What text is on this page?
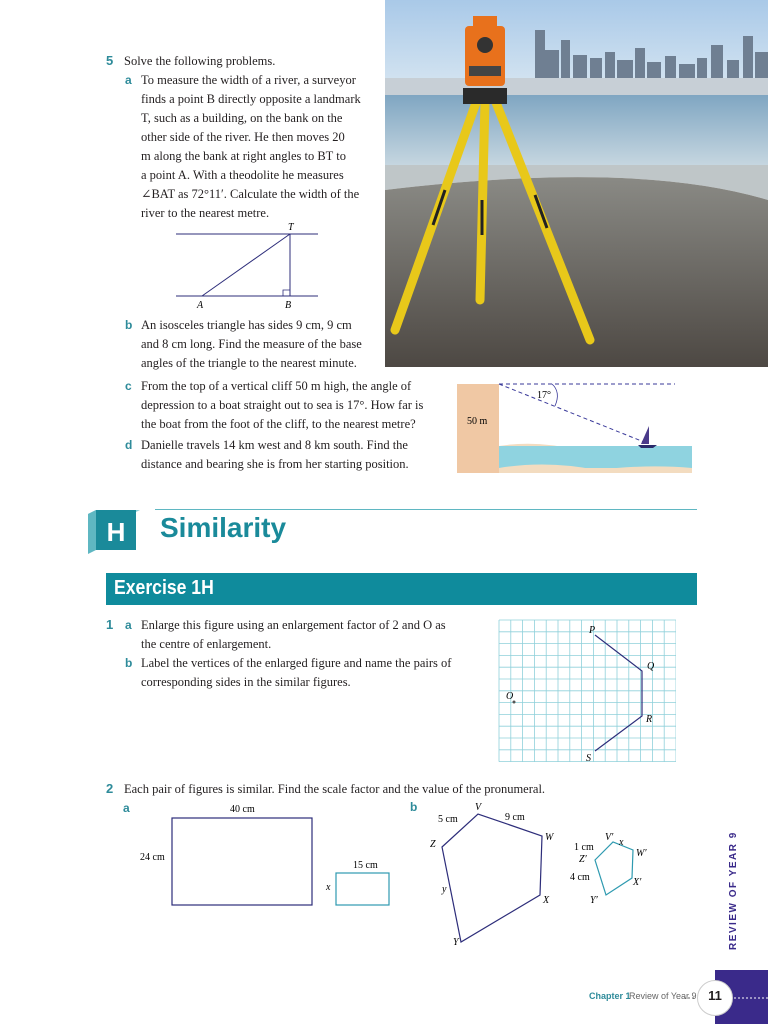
5 Solve the following problems.
a To measure the width of a river, a surveyor
finds a point B directly opposite a landmark
T, such as a building, on the bank on the
other side of the river. He then moves 20
m along the bank at right angles to BT to
a point A. With a theodolite he measures
∠BAT as 72°11′. Calculate the width of the
river to the nearest metre.
T
A	B
b An isosceles triangle has sides 9 cm, 9 cm
and 8 cm long. Find the measure of the base
angles of the triangle to the nearest minute.
c From the top of a vertical cliff 50 m high, the angle of
depression to a boat straight out to sea is 17°. How far is
the boat from the foot of the cliff, to the nearest metre?
d Danielle travels 14 km west and 8 km south. Find the
distance and bearing she is from her starting position.
50 m
17°
H Similarity
Exercise 1H
1 a Enlarge this figure using an enlargement factor of 2 and O as
the centre of enlargement.
b Label the vertices of the enlarged figure and name the pairs of
corresponding sides in the similar figures.
P
Q
R
S
O
2 Each pair of figures is similar. Find the scale factor and the value of the pronumeral.
a	40 cm
24 cm
15 cm
x
b	V
W
X
Y
Z
5 cm	9 cm
y
V′
W′
X′
Y′
Z′
1 cm
4 cm
x	REVIEW OF YEAR 9
Chapter 1
Review of Year 9 11
